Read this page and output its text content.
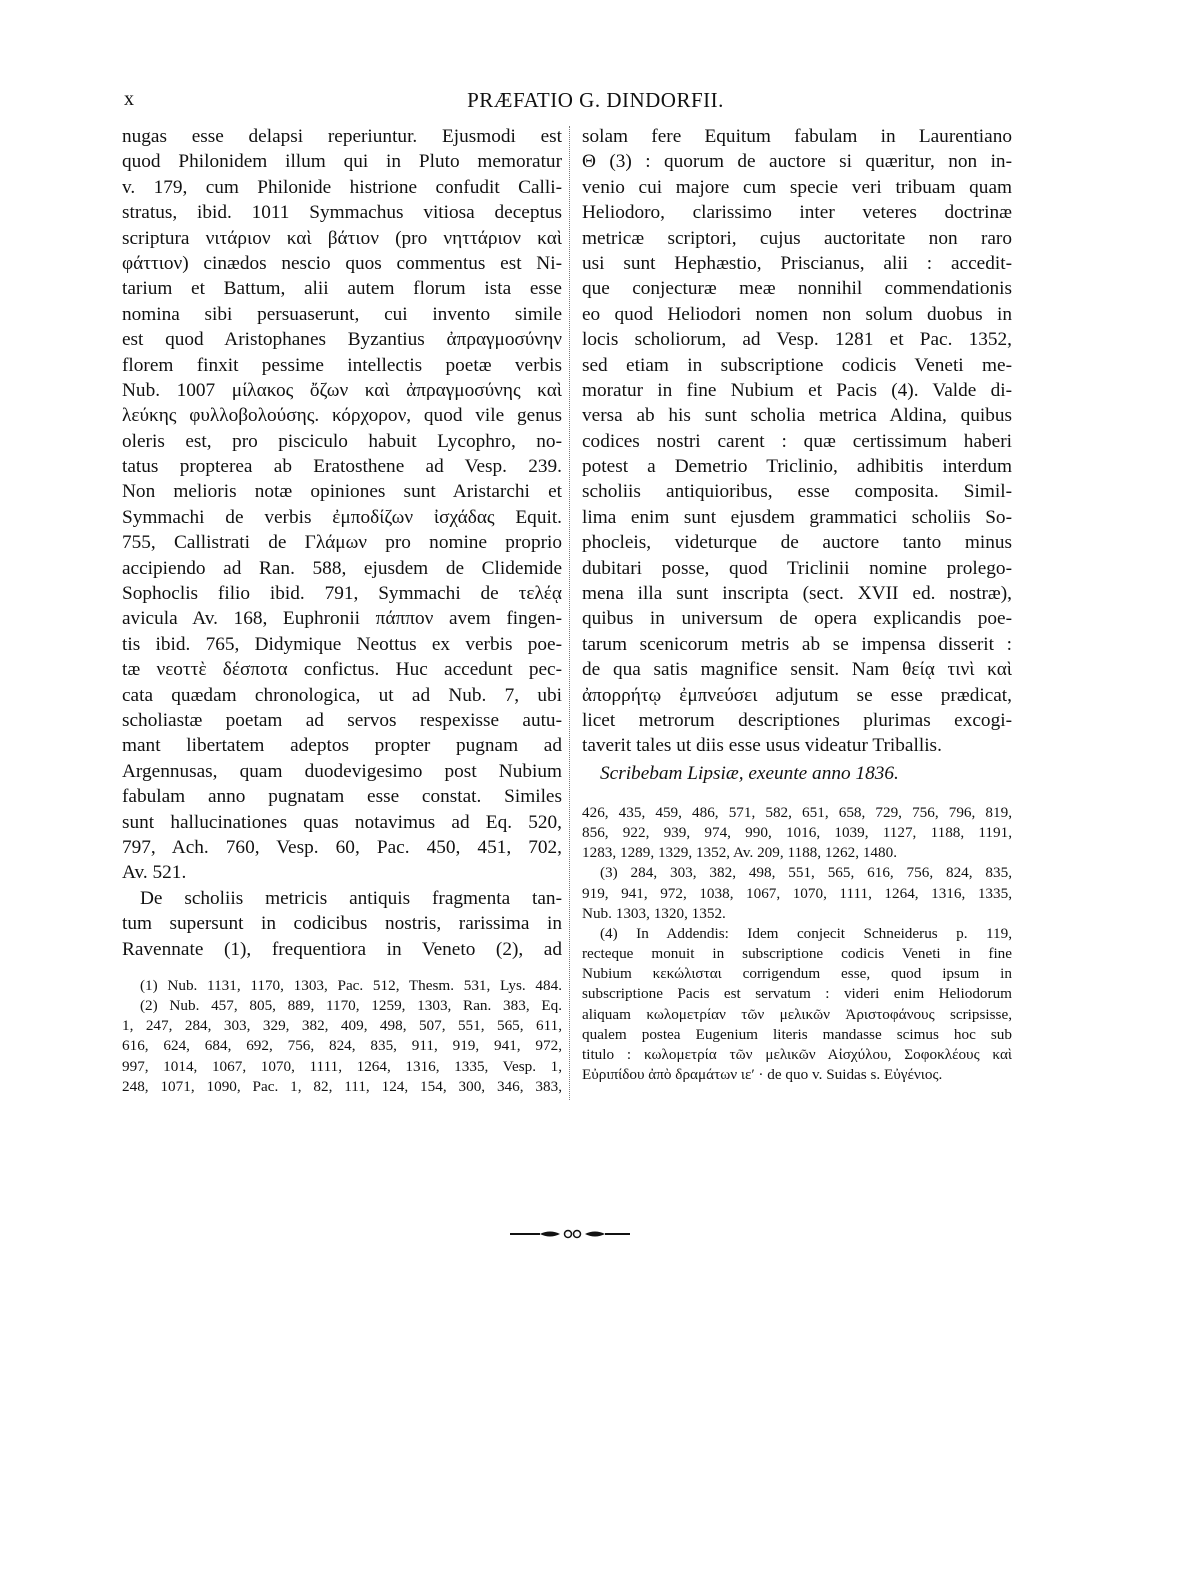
x	PRÆFATIO G. DINDORFII.
nugas esse delapsi reperiuntur. Ejusmodi est
quod Philonidem illum qui in Pluto memoratur
v. 179, cum Philonide histrione confudit Calli-
stratus, ibid. 1011 Symmachus vitiosa deceptus
scriptura νιτάριον καὶ βάτιον (pro νηττάριον καὶ
φάττιον) cinædos nescio quos commentus est Ni-
tarium et Battum, alii autem florum ista esse
nomina sibi persuaserunt, cui invento simile
est quod Aristophanes Byzantius ἀπραγμοσύνην
florem finxit pessime intellectis poetæ verbis
Nub. 1007 μίλακος ὄζων καὶ ἀπραγμοσύνης καὶ
λεύκης φυλλοβολούσης. κόρχορον, quod vile genus
oleris est, pro pisciculo habuit Lycophro, no-
tatus propterea ab Eratosthene ad Vesp. 239.
Non melioris notæ opiniones sunt Aristarchi et
Symmachi de verbis ἐμποδίζων ἰσχάδας Equit.
755, Callistrati de Γλάμων pro nomine proprio
accipiendo ad Ran. 588, ejusdem de Clidemide
Sophoclis filio ibid. 791, Symmachi de τελέᾳ
avicula Av. 168, Euphronii πάππον avem fingen-
tis ibid. 765, Didymique Neottus ex verbis poe-
tæ νεοττὲ δέσποτα confictus. Huc accedunt pec-
cata quædam chronologica, ut ad Nub. 7, ubi
scholiastæ poetam ad servos respexisse autu-
mant libertatem adeptos propter pugnam ad
Argennusas, quam duodevigesimo post Nubium
fabulam anno pugnatam esse constat. Similes
sunt hallucinationes quas notavimus ad Eq. 520,
797, Ach. 760, Vesp. 60, Pac. 450, 451, 702,
Av. 521.
De scholiis metricis antiquis fragmenta tan-
tum supersunt in codicibus nostris, rarissima in
Ravennate (1), frequentiora in Veneto (2), ad
(1) Nub. 1131, 1170, 1303, Pac. 512, Thesm. 531, Lys. 484.
(2) Nub. 457, 805, 889, 1170, 1259, 1303, Ran. 383, Eq.
1, 247, 284, 303, 329, 382, 409, 498, 507, 551, 565, 611,
616, 624, 684, 692, 756, 824, 835, 911, 919, 941, 972,
997, 1014, 1067, 1070, 1111, 1264, 1316, 1335, Vesp. 1,
248, 1071, 1090, Pac. 1, 82, 111, 124, 154, 300, 346, 383,
solam fere Equitum fabulam in Laurentiano
Θ (3) : quorum de auctore si quæritur, non in-
venio cui majore cum specie veri tribuam quam
Heliodoro, clarissimo inter veteres doctrinæ
metricæ scriptori, cujus auctoritate non raro
usi sunt Hephæstio, Priscianus, alii : accedit-
que conjecturæ meæ nonnihil commendationis
eo quod Heliodori nomen non solum duobus in
locis scholiorum, ad Vesp. 1281 et Pac. 1352,
sed etiam in subscriptione codicis Veneti me-
moratur in fine Nubium et Pacis (4). Valde di-
versa ab his sunt scholia metrica Aldina, quibus
codices nostri carent : quæ certissimum haberi
potest a Demetrio Triclinio, adhibitis interdum
scholiis antiquioribus, esse composita. Simil-
lima enim sunt ejusdem grammatici scholiis So-
phocleis, videturque de auctore tanto minus
dubitari posse, quod Triclinii nomine prolego-
mena illa sunt inscripta (sect. XVII ed. nostræ),
quibus in universum de opera explicandis poe-
tarum scenicorum metris ab se impensa disserit :
de qua satis magnifice sensit. Nam θείᾳ τινὶ καὶ
ἀπορρήτῳ ἐμπνεύσει adjutum se esse prædicat,
licet metrorum descriptiones plurimas excogi-
taverit tales ut diis esse usus videatur Triballis.
Scribebam Lipsiæ, exeunte anno 1836.
426, 435, 459, 486, 571, 582, 651, 658, 729, 756, 796, 819,
856, 922, 939, 974, 990, 1016, 1039, 1127, 1188, 1191,
1283, 1289, 1329, 1352, Av. 209, 1188, 1262, 1480.
(3) 284, 303, 382, 498, 551, 565, 616, 756, 824, 835,
919, 941, 972, 1038, 1067, 1070, 1111, 1264, 1316, 1335,
Nub. 1303, 1320, 1352.
(4) In Addendis: Idem conjecit Schneiderus p. 119,
recteque monuit in subscriptione codicis Veneti in fine
Nubium κεκώλισται corrigendum esse, quod ipsum in
subscriptione Pacis est servatum : videri enim Heliodorum
aliquam κωλομετρίαν τῶν μελικῶν Ἀριστοφάνους scripsisse,
qualem postea Eugenium literis mandasse scimus hoc sub
titulo : κωλομετρία τῶν μελικῶν Αἰσχύλου, Σοφοκλέους καὶ
Εὐριπίδου ἀπὸ δραμάτων ιεʹ · de quo v. Suidas s. Εὐγένιος.
